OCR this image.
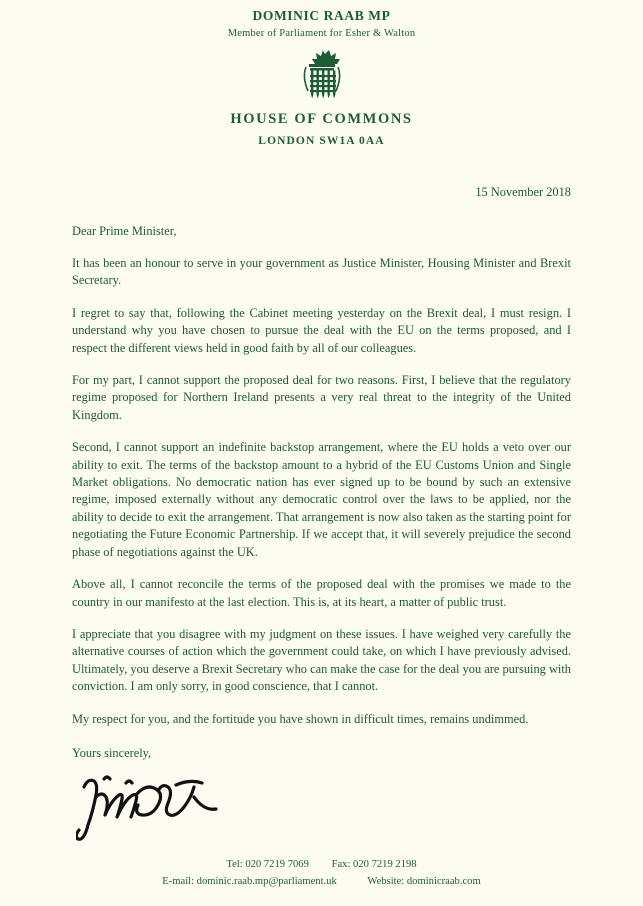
DOMINIC RAAB MP
Member of Parliament for Esher & Walton
HOUSE OF COMMONS
LONDON SW1A 0AA
15 November 2018
Dear Prime Minister,

It has been an honour to serve in your government as Justice Minister, Housing Minister and Brexit Secretary.

I regret to say that, following the Cabinet meeting yesterday on the Brexit deal, I must resign. I understand why you have chosen to pursue the deal with the EU on the terms proposed, and I respect the different views held in good faith by all of our colleagues.

For my part, I cannot support the proposed deal for two reasons. First, I believe that the regulatory regime proposed for Northern Ireland presents a very real threat to the integrity of the United Kingdom.

Second, I cannot support an indefinite backstop arrangement, where the EU holds a veto over our ability to exit. The terms of the backstop amount to a hybrid of the EU Customs Union and Single Market obligations. No democratic nation has ever signed up to be bound by such an extensive regime, imposed externally without any democratic control over the laws to be applied, nor the ability to decide to exit the arrangement. That arrangement is now also taken as the starting point for negotiating the Future Economic Partnership. If we accept that, it will severely prejudice the second phase of negotiations against the UK.

Above all, I cannot reconcile the terms of the proposed deal with the promises we made to the country in our manifesto at the last election. This is, at its heart, a matter of public trust.

I appreciate that you disagree with my judgment on these issues. I have weighed very carefully the alternative courses of action which the government could take, on which I have previously advised. Ultimately, you deserve a Brexit Secretary who can make the case for the deal you are pursuing with conviction. I am only sorry, in good conscience, that I cannot.

My respect for you, and the fortitude you have shown in difficult times, remains undimmed.

Yours sincerely,
Tel: 020 7219 7069 Fax: 020 7219 2198
E-mail: dominic.raab.mp@parliament.uk	Website: dominicraab.com
